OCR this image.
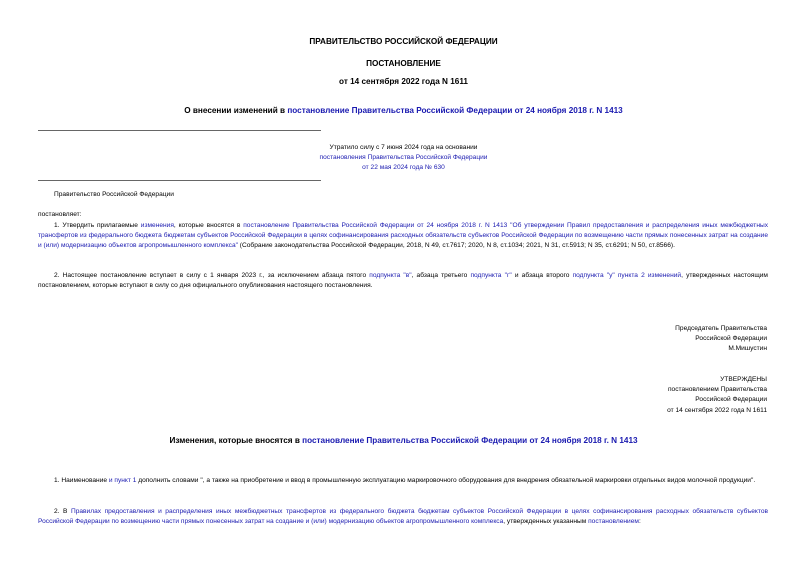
ПРАВИТЕЛЬСТВО РОССИЙСКОЙ ФЕДЕРАЦИИ
ПОСТАНОВЛЕНИЕ
от 14 сентября 2022 года N 1611
О внесении изменений в постановление Правительства Российской Федерации от 24 ноября 2018 г. N 1413
Утратило силу с 7 июня 2024 года на основании
постановления Правительства Российской Федерации
от 22 мая 2024 года № 630
Правительство Российской Федерации
постановляет:
1. Утвердить прилагаемые изменения, которые вносятся в постановление Правительства Российской Федерации от 24 ноября 2018 г. N 1413 "Об утверждении Правил предоставления и распределения иных межбюджетных трансфертов из федерального бюджета бюджетам субъектов Российской Федерации в целях софинансирования расходных обязательств субъектов Российской Федерации по возмещению части прямых понесенных затрат на создание и (или) модернизацию объектов агропромышленного комплекса" (Собрание законодательства Российской Федерации, 2018, N 49, ст.7617; 2020, N 8, ст.1034; 2021, N 31, ст.5913; N 35, ст.6291; N 50, ст.8566).
2. Настоящее постановление вступает в силу с 1 января 2023 г., за исключением абзаца пятого подпункта "в", абзаца третьего подпункта "г" и абзаца второго подпункта "у" пункта 2 изменений, утвержденных настоящим постановлением, которые вступают в силу со дня официального опубликования настоящего постановления.
Председатель Правительства
Российской Федерации
М.Мишустин
УТВЕРЖДЕНЫ
постановлением Правительства
Российской Федерации
от 14 сентября 2022 года N 1611
Изменения, которые вносятся в постановление Правительства Российской Федерации от 24 ноября 2018 г. N 1413
1. Наименование и пункт 1 дополнить словами ", а также на приобретение и ввод в промышленную эксплуатацию маркировочного оборудования для внедрения обязательной маркировки отдельных видов молочной продукции".
2. В Правилах предоставления и распределения иных межбюджетных трансфертов из федерального бюджета бюджетам субъектов Российской Федерации в целях софинансирования расходных обязательств субъектов Российской Федерации по возмещению части прямых понесенных затрат на создание и (или) модернизацию объектов агропромышленного комплекса, утвержденных указанным постановлением:
